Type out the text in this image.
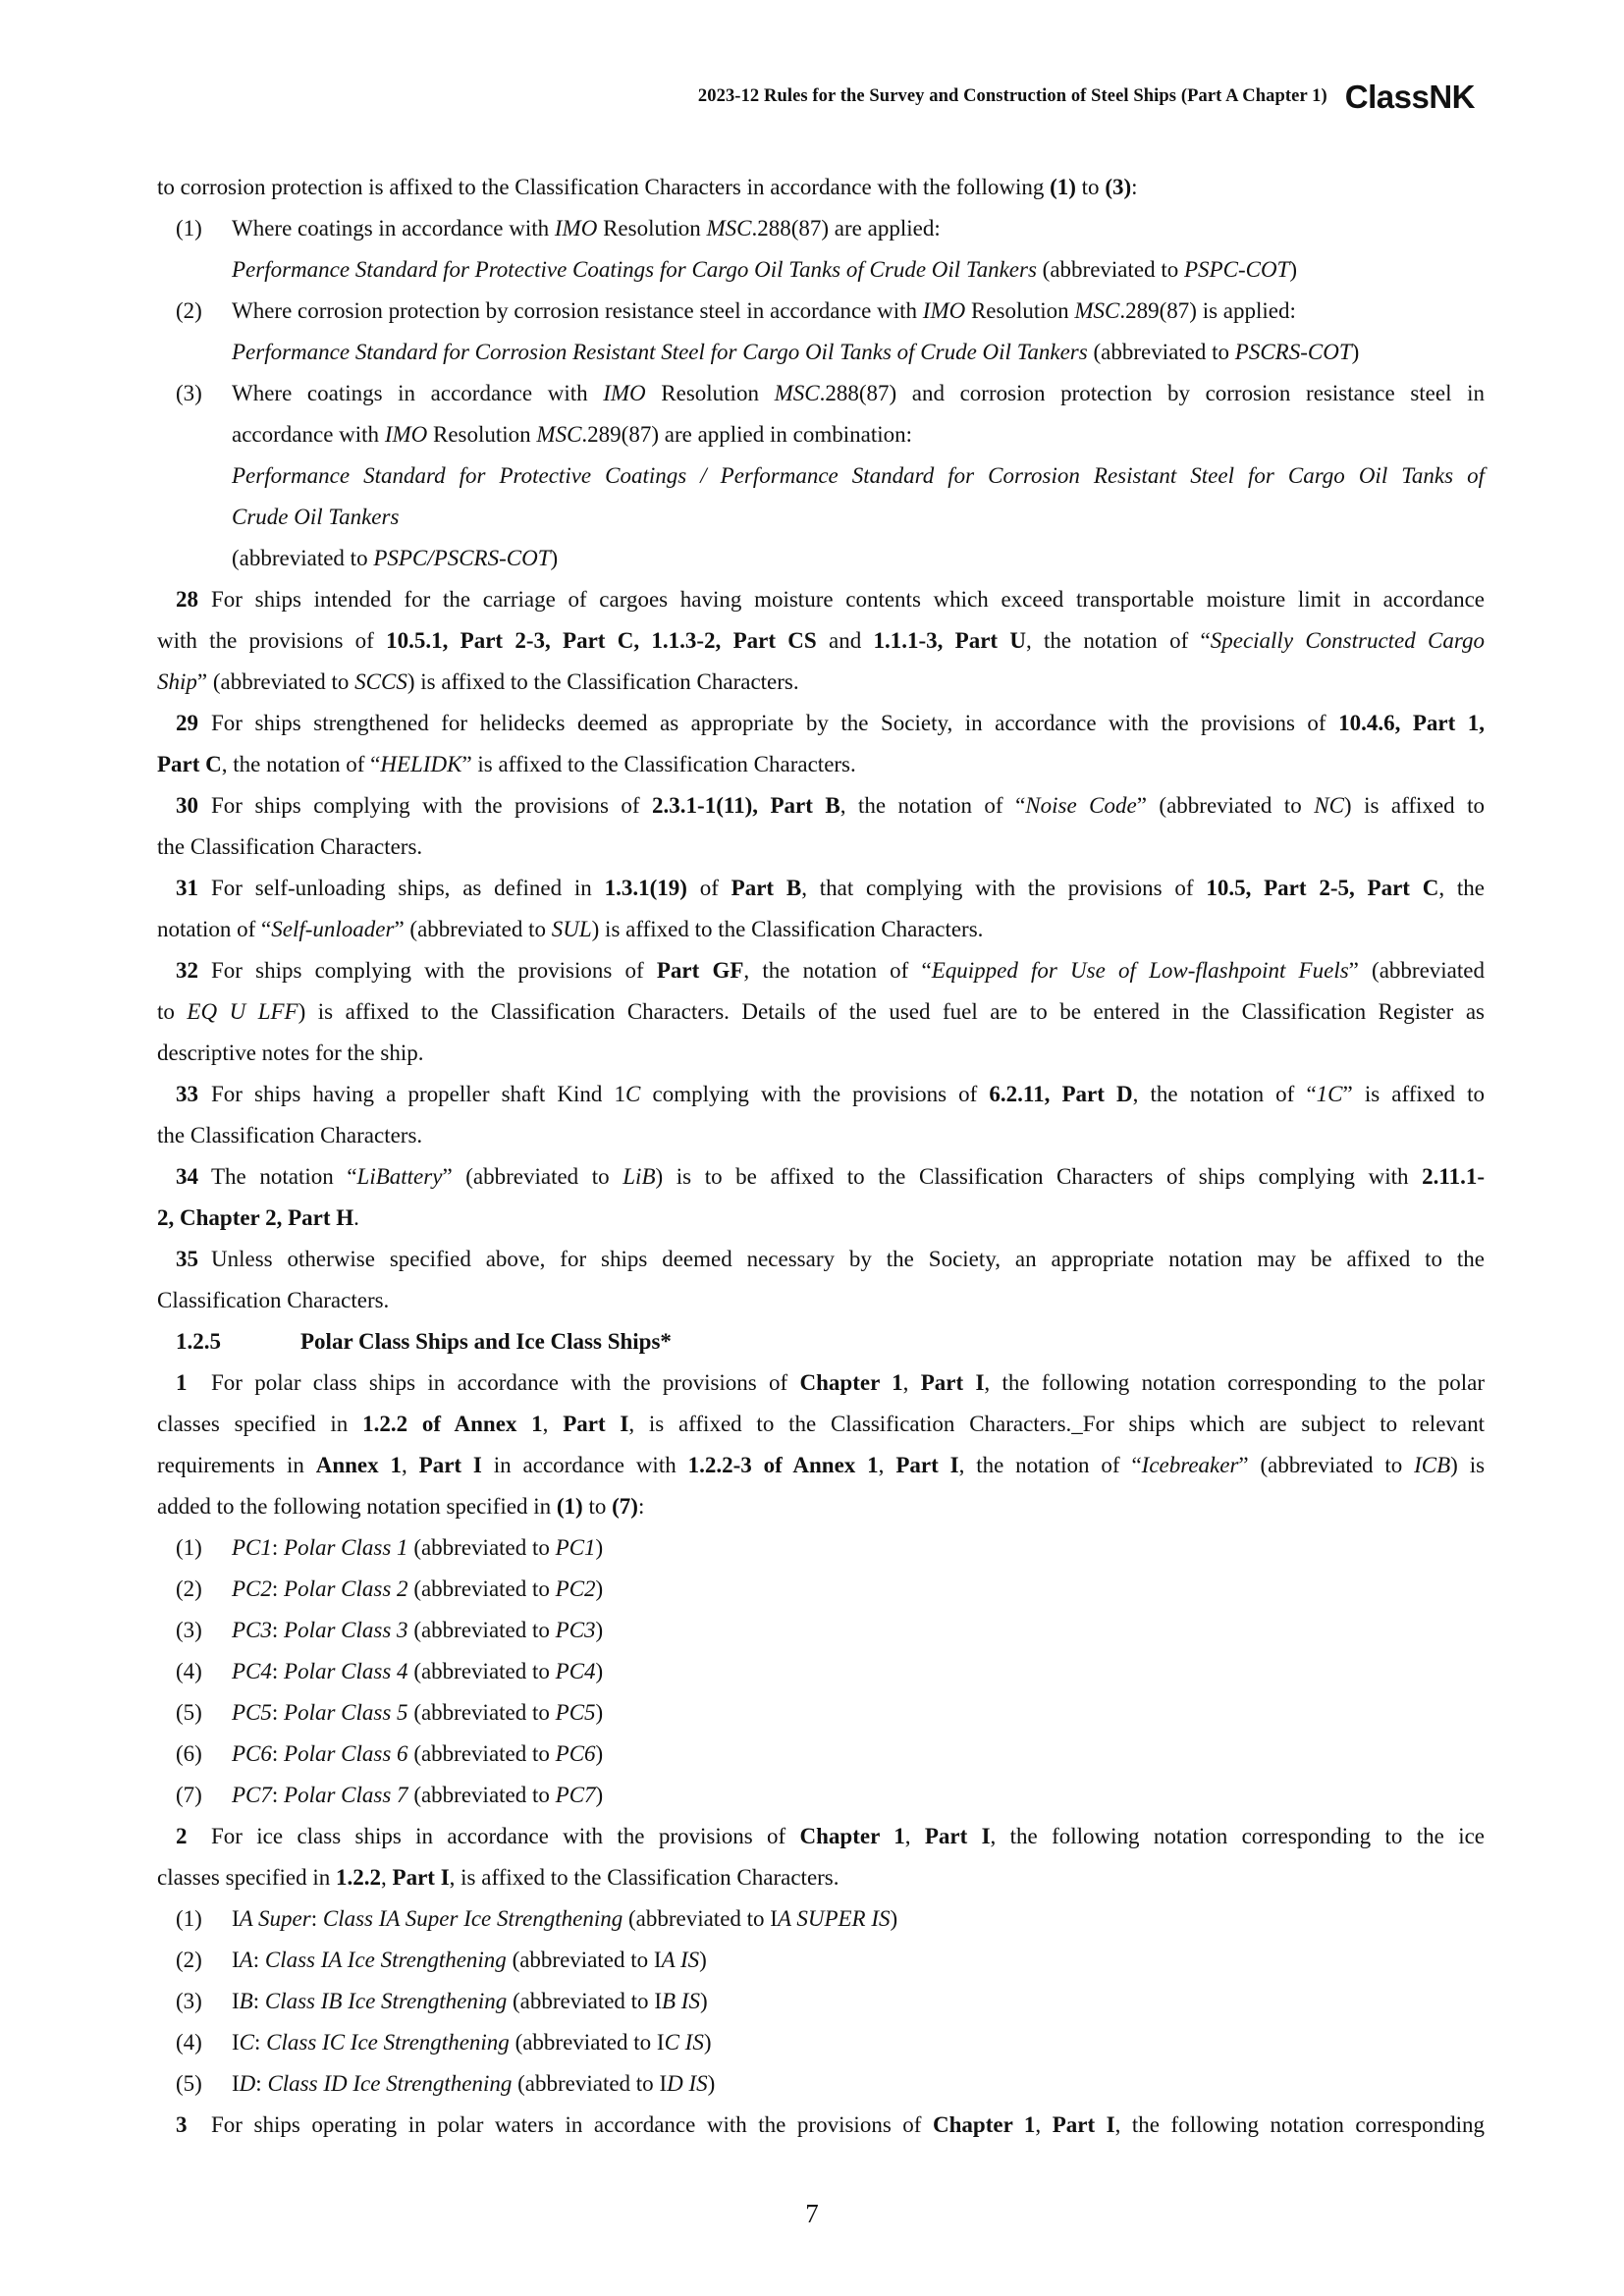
2023-12 Rules for the Survey and Construction of Steel Ships (Part A Chapter 1) ClassNK
to corrosion protection is affixed to the Classification Characters in accordance with the following (1) to (3):
(1)	Where coatings in accordance with IMO Resolution MSC.288(87) are applied:
Performance Standard for Protective Coatings for Cargo Oil Tanks of Crude Oil Tankers (abbreviated to PSPC-COT)
(2)	Where corrosion protection by corrosion resistance steel in accordance with IMO Resolution MSC.289(87) is applied:
Performance Standard for Corrosion Resistant Steel for Cargo Oil Tanks of Crude Oil Tankers (abbreviated to PSCRS-COT)
(3)	Where coatings in accordance with IMO Resolution MSC.288(87) and corrosion protection by corrosion resistance steel in
accordance with IMO Resolution MSC.289(87) are applied in combination:
Performance Standard for Protective Coatings / Performance Standard for Corrosion Resistant Steel for Cargo Oil Tanks of
Crude Oil Tankers
(abbreviated to PSPC/PSCRS-COT)
28 For ships intended for the carriage of cargoes having moisture contents which exceed transportable moisture limit in accordance
with the provisions of 10.5.1, Part 2-3, Part C, 1.1.3-2, Part CS and 1.1.1-3, Part U, the notation of “Specially Constructed Cargo
Ship” (abbreviated to SCCS) is affixed to the Classification Characters.
29 For ships strengthened for helidecks deemed as appropriate by the Society, in accordance with the provisions of 10.4.6, Part 1,
Part C, the notation of “HELIDK” is affixed to the Classification Characters.
30 For ships complying with the provisions of 2.3.1-1(11), Part B, the notation of “Noise Code” (abbreviated to NC) is affixed to
the Classification Characters.
31 For self-unloading ships, as defined in 1.3.1(19) of Part B, that complying with the provisions of 10.5, Part 2-5, Part C, the
notation of “Self-unloader” (abbreviated to SUL) is affixed to the Classification Characters.
32 For ships complying with the provisions of Part GF, the notation of “Equipped for Use of Low-flashpoint Fuels” (abbreviated
to EQ U LFF) is affixed to the Classification Characters. Details of the used fuel are to be entered in the Classification Register as
descriptive notes for the ship.
33 For ships having a propeller shaft Kind 1C complying with the provisions of 6.2.11, Part D, the notation of “1C” is affixed to
the Classification Characters.
34 The notation “LiBattery” (abbreviated to LiB) is to be affixed to the Classification Characters of ships complying with 2.11.1-
2, Chapter 2, Part H.
35 Unless otherwise specified above, for ships deemed necessary by the Society, an appropriate notation may be affixed to the
Classification Characters.
1.2.5	Polar Class Ships and Ice Class Ships*
1 For polar class ships in accordance with the provisions of Chapter 1, Part I, the following notation corresponding to the polar
classes specified in 1.2.2 of Annex 1, Part I, is affixed to the Classification Characters._For ships which are subject to relevant
requirements in Annex 1, Part I in accordance with 1.2.2-3 of Annex 1, Part I, the notation of “Icebreaker” (abbreviated to ICB) is
added to the following notation specified in (1) to (7):
(1)	PC1: Polar Class 1 (abbreviated to PC1)
(2)	PC2: Polar Class 2 (abbreviated to PC2)
(3)	PC3: Polar Class 3 (abbreviated to PC3)
(4)	PC4: Polar Class 4 (abbreviated to PC4)
(5)	PC5: Polar Class 5 (abbreviated to PC5)
(6)	PC6: Polar Class 6 (abbreviated to PC6)
(7)	PC7: Polar Class 7 (abbreviated to PC7)
2 For ice class ships in accordance with the provisions of Chapter 1, Part I, the following notation corresponding to the ice
classes specified in 1.2.2, Part I, is affixed to the Classification Characters.
(1)	IA Super: Class IA Super Ice Strengthening (abbreviated to IA SUPER IS)
(2)	IA: Class IA Ice Strengthening (abbreviated to IA IS)
(3)	IB: Class IB Ice Strengthening (abbreviated to IB IS)
(4)	IC: Class IC Ice Strengthening (abbreviated to IC IS)
(5)	ID: Class ID Ice Strengthening (abbreviated to ID IS)
3 For ships operating in polar waters in accordance with the provisions of Chapter 1, Part I, the following notation corresponding
7
